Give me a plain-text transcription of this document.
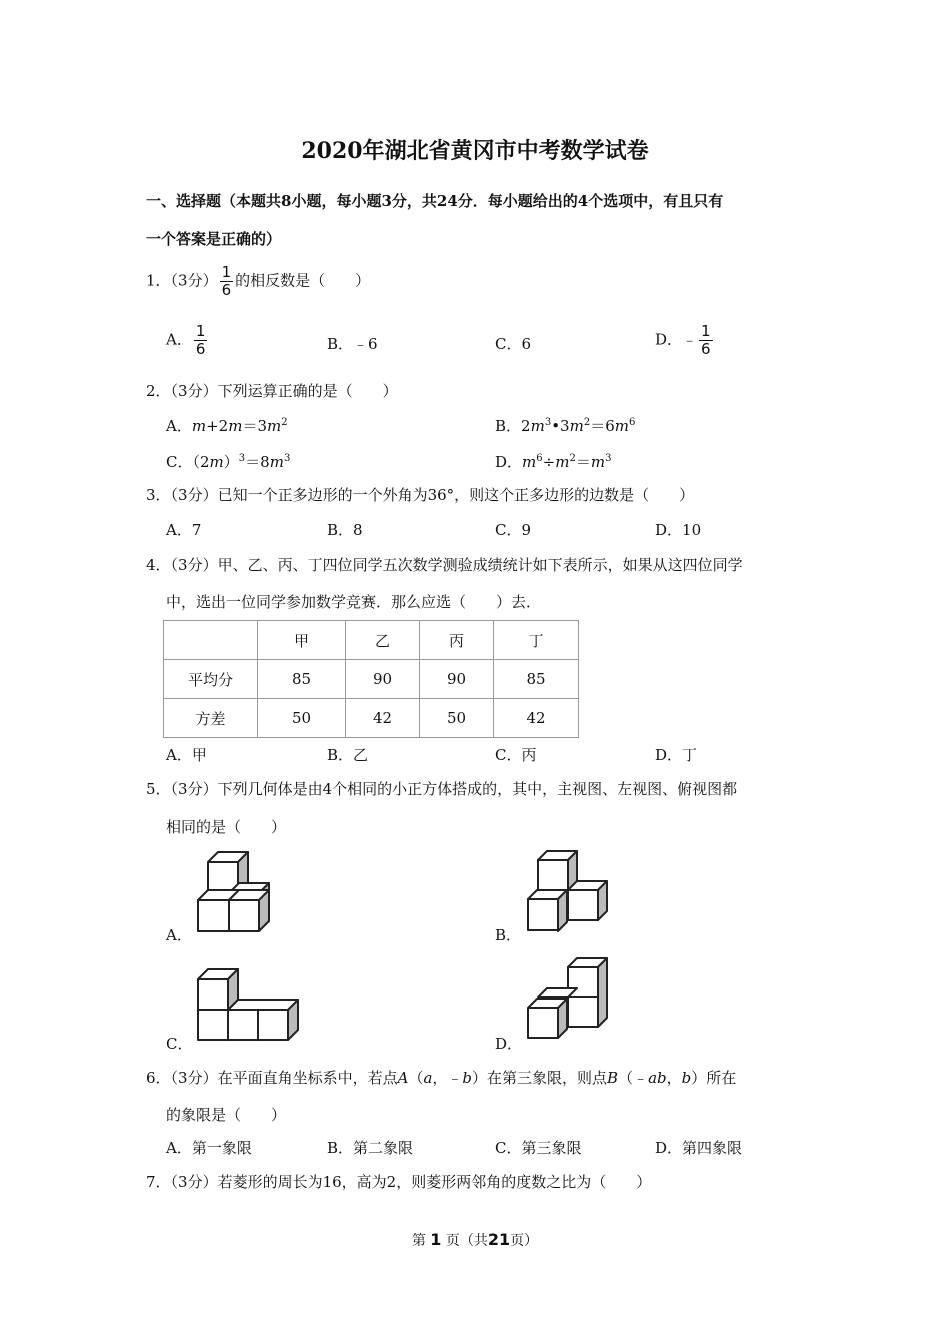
2020年湖北省黄冈市中考数学试卷
一、选择题（本题共8小题，每小题3分，共24分．每小题给出的4个选项中，有且只有
一个答案是正确的）
1．（3分） $\frac{1}{6}$ 的相反数是（　　）
A． $\frac{1}{6}$	B．﹣6	C．6	D．﹣ $\frac{1}{6}$
2．（3分）下列运算正确的是（　　）
A．$m+2m=3m^2$	B．$2m^3•3m^2=6m^6$
C．$(2m)^3=8m^3$	D．$m^6\div m^2=m^3$
3．（3分）已知一个正多边形的一个外角为36°，则这个正多边形的边数是（　　）
A．7	B．8	C．9	D．10
4．（3分）甲、乙、丙、丁四位同学五次数学测验成绩统计如下表所示，如果从这四位同学
中，选出一位同学参加数学竞赛．那么应选（　　）去．
	甲	乙	丙	丁
平均分	85	90	90	85
方差	50	42	50	42
A．甲	B．乙	C．丙	D．丁
5．（3分）下列几何体是由4个相同的小正方体搭成的，其中，主视图、左视图、俯视图都
相同的是（　　）
A．	B．
C．	D．
6．（3分）在平面直角坐标系中，若点A（a，﹣b）在第三象限，则点B（﹣ab，b）所在
的象限是（　　）
A．第一象限	B．第二象限	C．第三象限	D．第四象限
7．（3分）若菱形的周长为16，高为2，则菱形两邻角的度数之比为（　　）
第 1 页（共21页）
